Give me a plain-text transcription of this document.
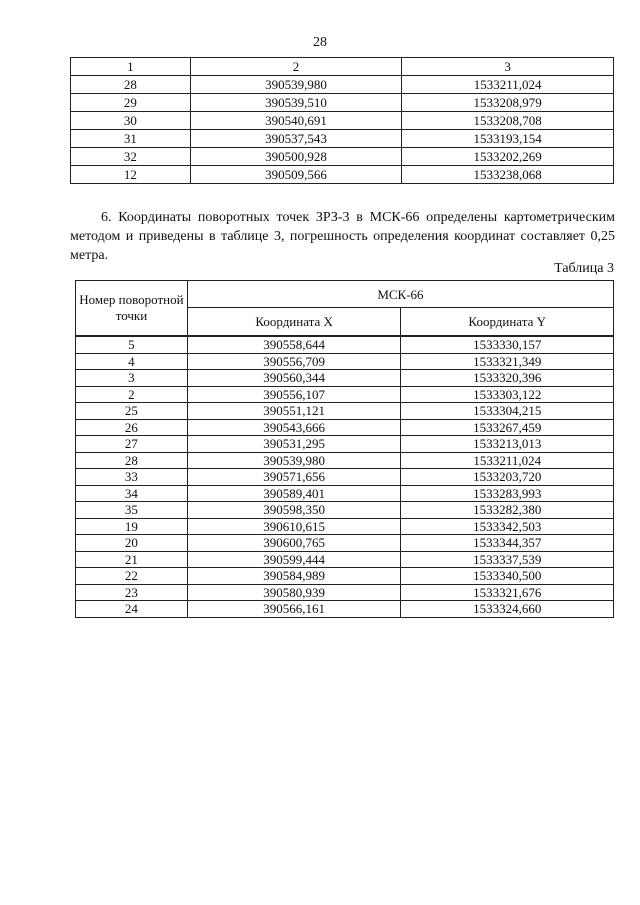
28
1	2	3
28	390539,980	1533211,024
29	390539,510	1533208,979
30	390540,691	1533208,708
31	390537,543	1533193,154
32	390500,928	1533202,269
12	390509,566	1533238,068
6. Координаты поворотных точек ЗРЗ-3 в МСК-66 определены картометрическим методом и приведены в таблице 3, погрешность определения координат составляет 0,25 метра.
Таблица 3
Номер поворотной точки	МСК-66	
	Координата X	Координата Y
5	390558,644	1533330,157
4	390556,709	1533321,349
3	390560,344	1533320,396
2	390556,107	1533303,122
25	390551,121	1533304,215
26	390543,666	1533267,459
27	390531,295	1533213,013
28	390539,980	1533211,024
33	390571,656	1533203,720
34	390589,401	1533283,993
35	390598,350	1533282,380
19	390610,615	1533342,503
20	390600,765	1533344,357
21	390599,444	1533337,539
22	390584,989	1533340,500
23	390580,939	1533321,676
24	390566,161	1533324,660
